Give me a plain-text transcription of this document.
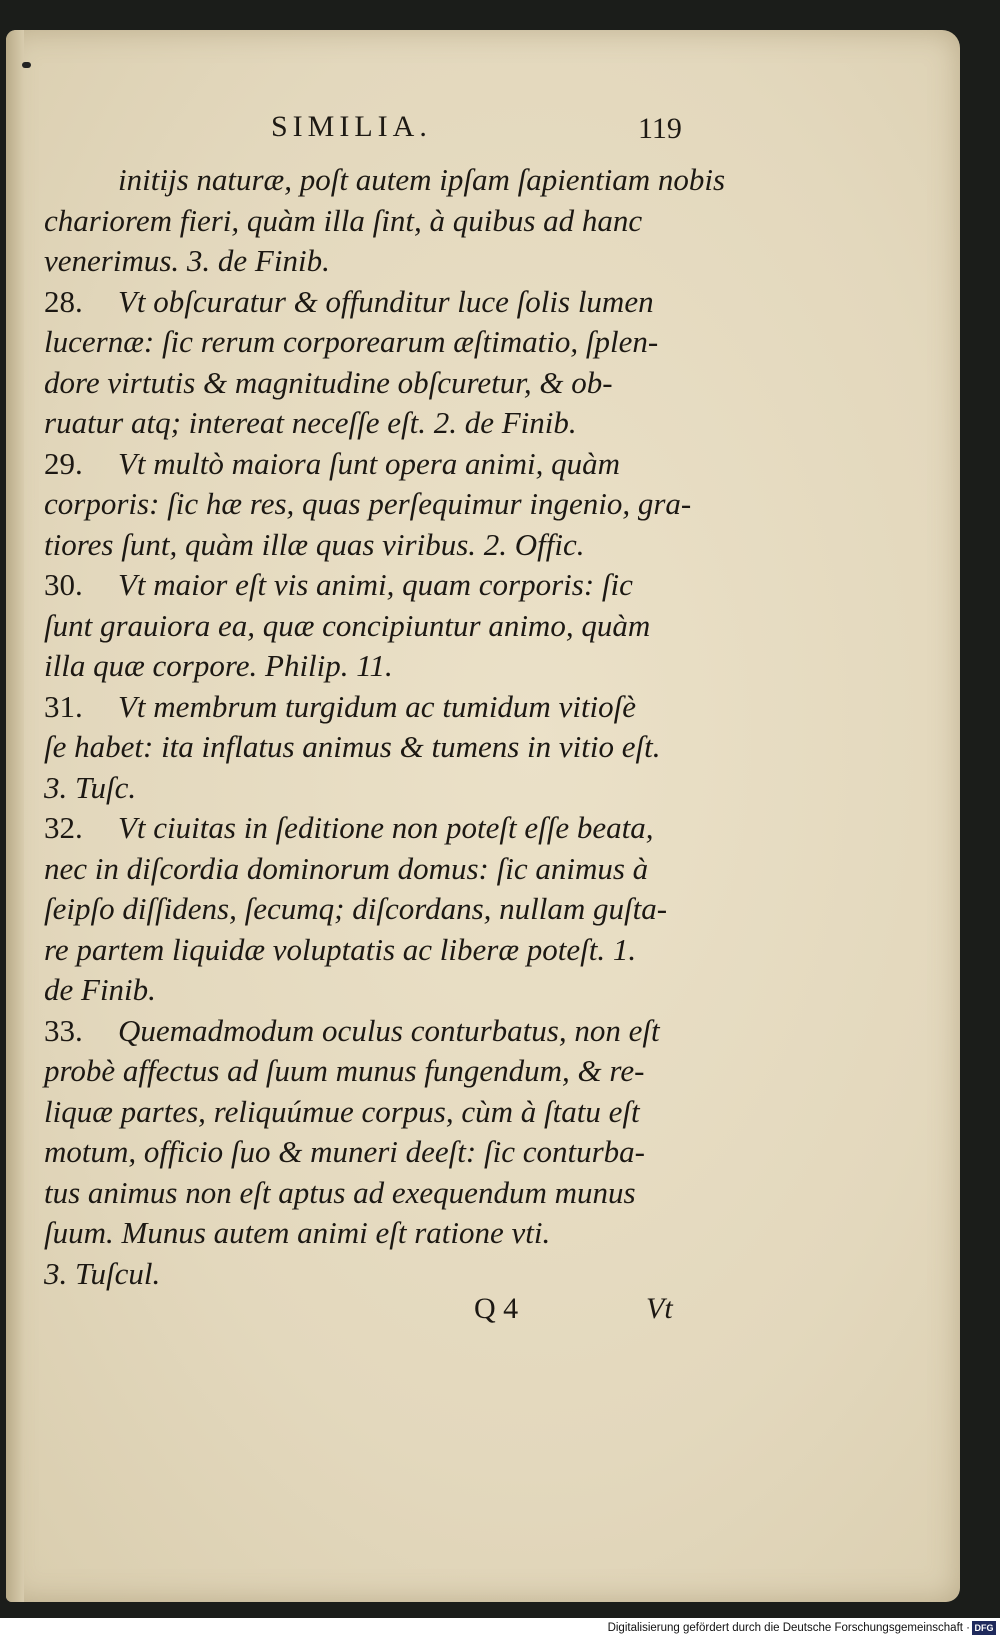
SIMILIA.	119
initijs naturæ, poſt autem ipſam ſapientiam nobis
chariorem fieri, quàm illa ſint, à quibus ad hanc
venerimus. 3. de Finib.
28. Vt obſcuratur & offunditur luce ſolis lumen
lucernæ: ſic rerum corporearum æſtimatio, ſplen-
dore virtutis & magnitudine obſcuretur, & ob-
ruatur atq; intereat neceſſe eſt. 2. de Finib.
29. Vt multò maiora ſunt opera animi, quàm
corporis: ſic hæ res, quas perſequimur ingenio, gra-
tiores ſunt, quàm illæ quas viribus. 2. Offic.
30. Vt maior eſt vis animi, quam corporis: ſic
ſunt grauiora ea, quæ concipiuntur animo, quàm
illa quæ corpore. Philip. 11.
31. Vt membrum turgidum ac tumidum vitioſè
ſe habet: ita inflatus animus & tumens in vitio eſt.
3. Tuſc.
32. Vt ciuitas in ſeditione non poteſt eſſe beata,
nec in diſcordia dominorum domus: ſic animus à
ſeipſo diſſidens, ſecumq; diſcordans, nullam guſta-
re partem liquidæ voluptatis ac liberæ poteſt. 1.
de Finib.
33. Quemadmodum oculus conturbatus, non eſt
probè affectus ad ſuum munus fungendum, & re-
liquæ partes, reliquúmue corpus, cùm à ſtatu eſt
motum, officio ſuo & muneri deeſt: ſic conturba-
tus animus non eſt aptus ad exequendum munus
ſuum. Munus autem animi eſt ratione vti.
3. Tuſcul.
Q 4	Vt
Digitalisierung gefördert durch die Deutsche Forschungsgemeinschaft · DFG
